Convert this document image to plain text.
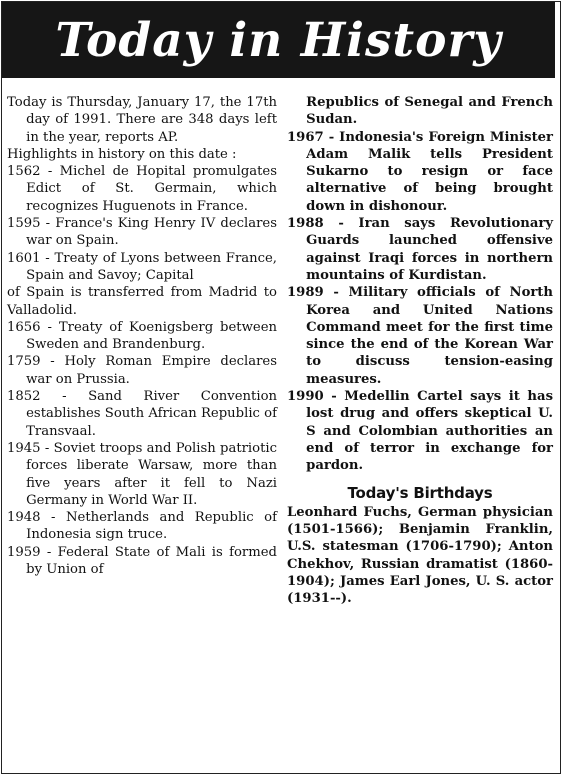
Today in History

Today is Thursday, January 17, the 17th day of 1991. There are 348 days left in the year, reports AP.

Highlights in history on this date :

1562 - Michel de Hopital promulgates Edict of St. Germain, which recognizes Huguenots in France.

1595 - France's King Henry IV declares war on Spain.

1601 - Treaty of Lyons between France, Spain and Savoy; Capital

of Spain is transferred from Madrid to Valladolid.

1656 - Treaty of Koenigsberg between Sweden and Brandenburg.

1759 - Holy Roman Empire declares war on Prussia.

1852 - Sand River Convention establishes South African Republic of Transvaal.

1945 - Soviet troops and Polish patriotic forces liberate Warsaw, more than five years after it fell to Nazi Germany in World War II.

1948 - Netherlands and Republic of Indonesia sign truce.

1959 - Federal State of Mali is formed by Union of

Republics of Senegal and French Sudan.

1967 - Indonesia's Foreign Minister Adam Malik tells President Sukarno to resign or face alternative of being brought down in dishonour.

1988 - Iran says Revolutionary Guards launched offensive against Iraqi forces in northern mountains of Kurdistan.

1989 - Military officials of North Korea and United Nations Command meet for the first time since the end of the Korean War to discuss tension-easing measures.

1990 - Medellin Cartel says it has lost drug and offers skeptical U. S and Colombian authorities an end of terror in exchange for pardon.

Today's Birthdays

Leonhard Fuchs, German physician (1501-1566); Benjamin Franklin, U.S. statesman (1706-1790); Anton Chekhov, Russian dramatist (1860-1904); James Earl Jones, U. S. actor (1931--).
